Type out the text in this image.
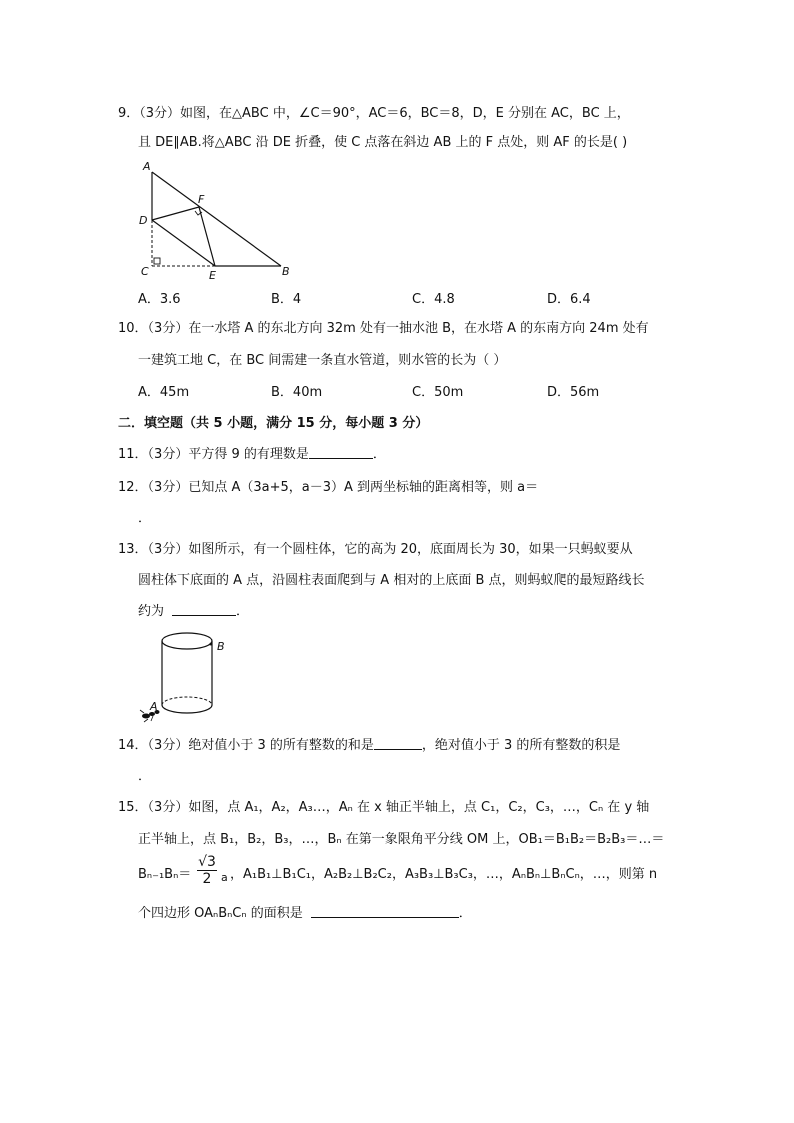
9．（3分）如图，在△ABC 中，∠C＝90°，AC＝6，BC＝8，D，E 分别在 AC，BC 上，
且 DE∥AB.将△ABC 沿 DE 折叠，使 C 点落在斜边 AB 上的 F 点处，则 AF 的长是( )
A
D
C	E	B
F
A．3.6	B．4	C．4.8	D．6.4
10．（3分）在一水塔 A 的东北方向 32m 处有一抽水池 B，在水塔 A 的东南方向 24m 处有
一建筑工地 C，在 BC 间需建一条直水管道，则水管的长为（ ）
A．45m	B．40m	C．50m	D．56m
二．填空题（共 5 小题，满分 15 分，每小题 3 分）
11．（3分）平方得 9 的有理数是	．
12．（3分）已知点 A（3a+5，a－3）A 到两坐标轴的距离相等，则 a＝
．
13．（3分）如图所示，有一个圆柱体，它的高为 20，底面周长为 30，如果一只蚂蚁要从
圆柱体下底面的 A 点，沿圆柱表面爬到与 A 相对的上底面 B 点，则蚂蚁爬的最短路线长
约为	．
A
B
14．（3分）绝对值小于 3 的所有整数的和是	，绝对值小于 3 的所有整数的积是
．
15．（3分）如图，点 A₁，A₂，A₃…，Aₙ 在 x 轴正半轴上，点 C₁，C₂，C₃，…，Cₙ 在 y 轴
正半轴上，点 B₁，B₂，B₃，…，Bₙ 在第一象限角平分线 OM 上，OB₁＝B₁B₂＝B₂B₃＝…＝
Bₙ₋₁Bₙ＝
√3
2 a ，A₁B₁⊥B₁C₁，A₂B₂⊥B₂C₂，A₃B₃⊥B₃C₃，…，AₙBₙ⊥BₙCₙ，…，则第 n
个四边形 OAₙBₙCₙ 的面积是	．
